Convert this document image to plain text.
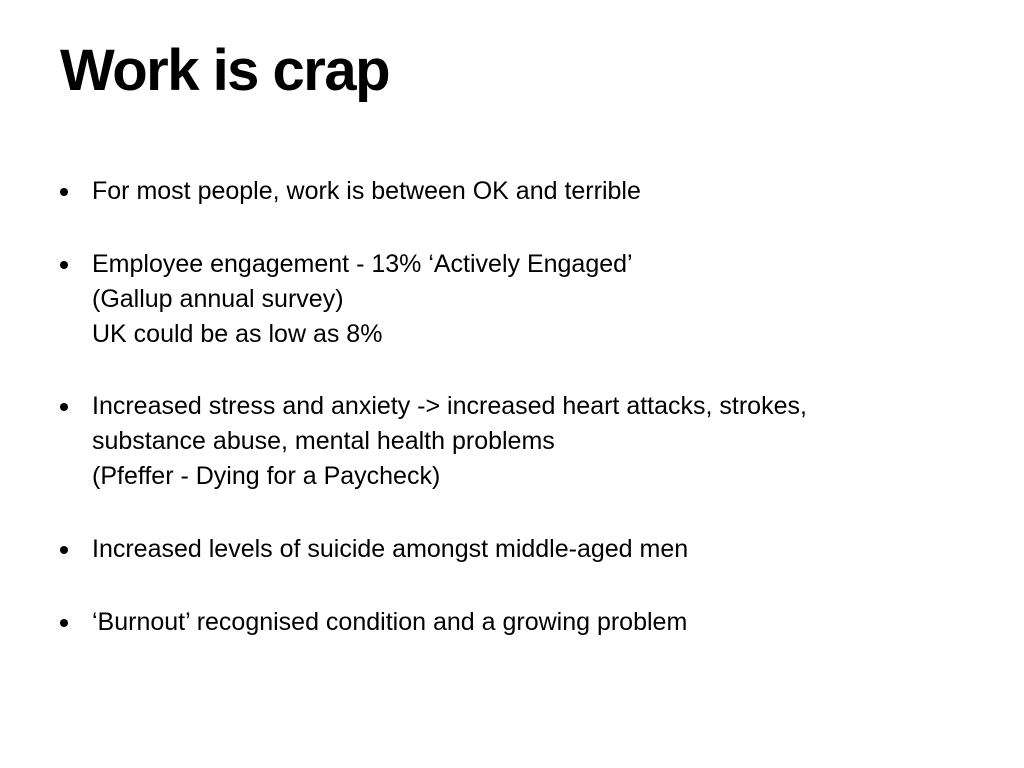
Work is crap
For most people, work is between OK and terrible
Employee engagement - 13% ‘Actively Engaged’
(Gallup annual survey)
UK could be as low as 8%
Increased stress and anxiety -> increased heart attacks, strokes,
substance abuse, mental health problems
(Pfeffer - Dying for a Paycheck)
Increased levels of suicide amongst middle-aged men
‘Burnout’ recognised condition and a growing problem
